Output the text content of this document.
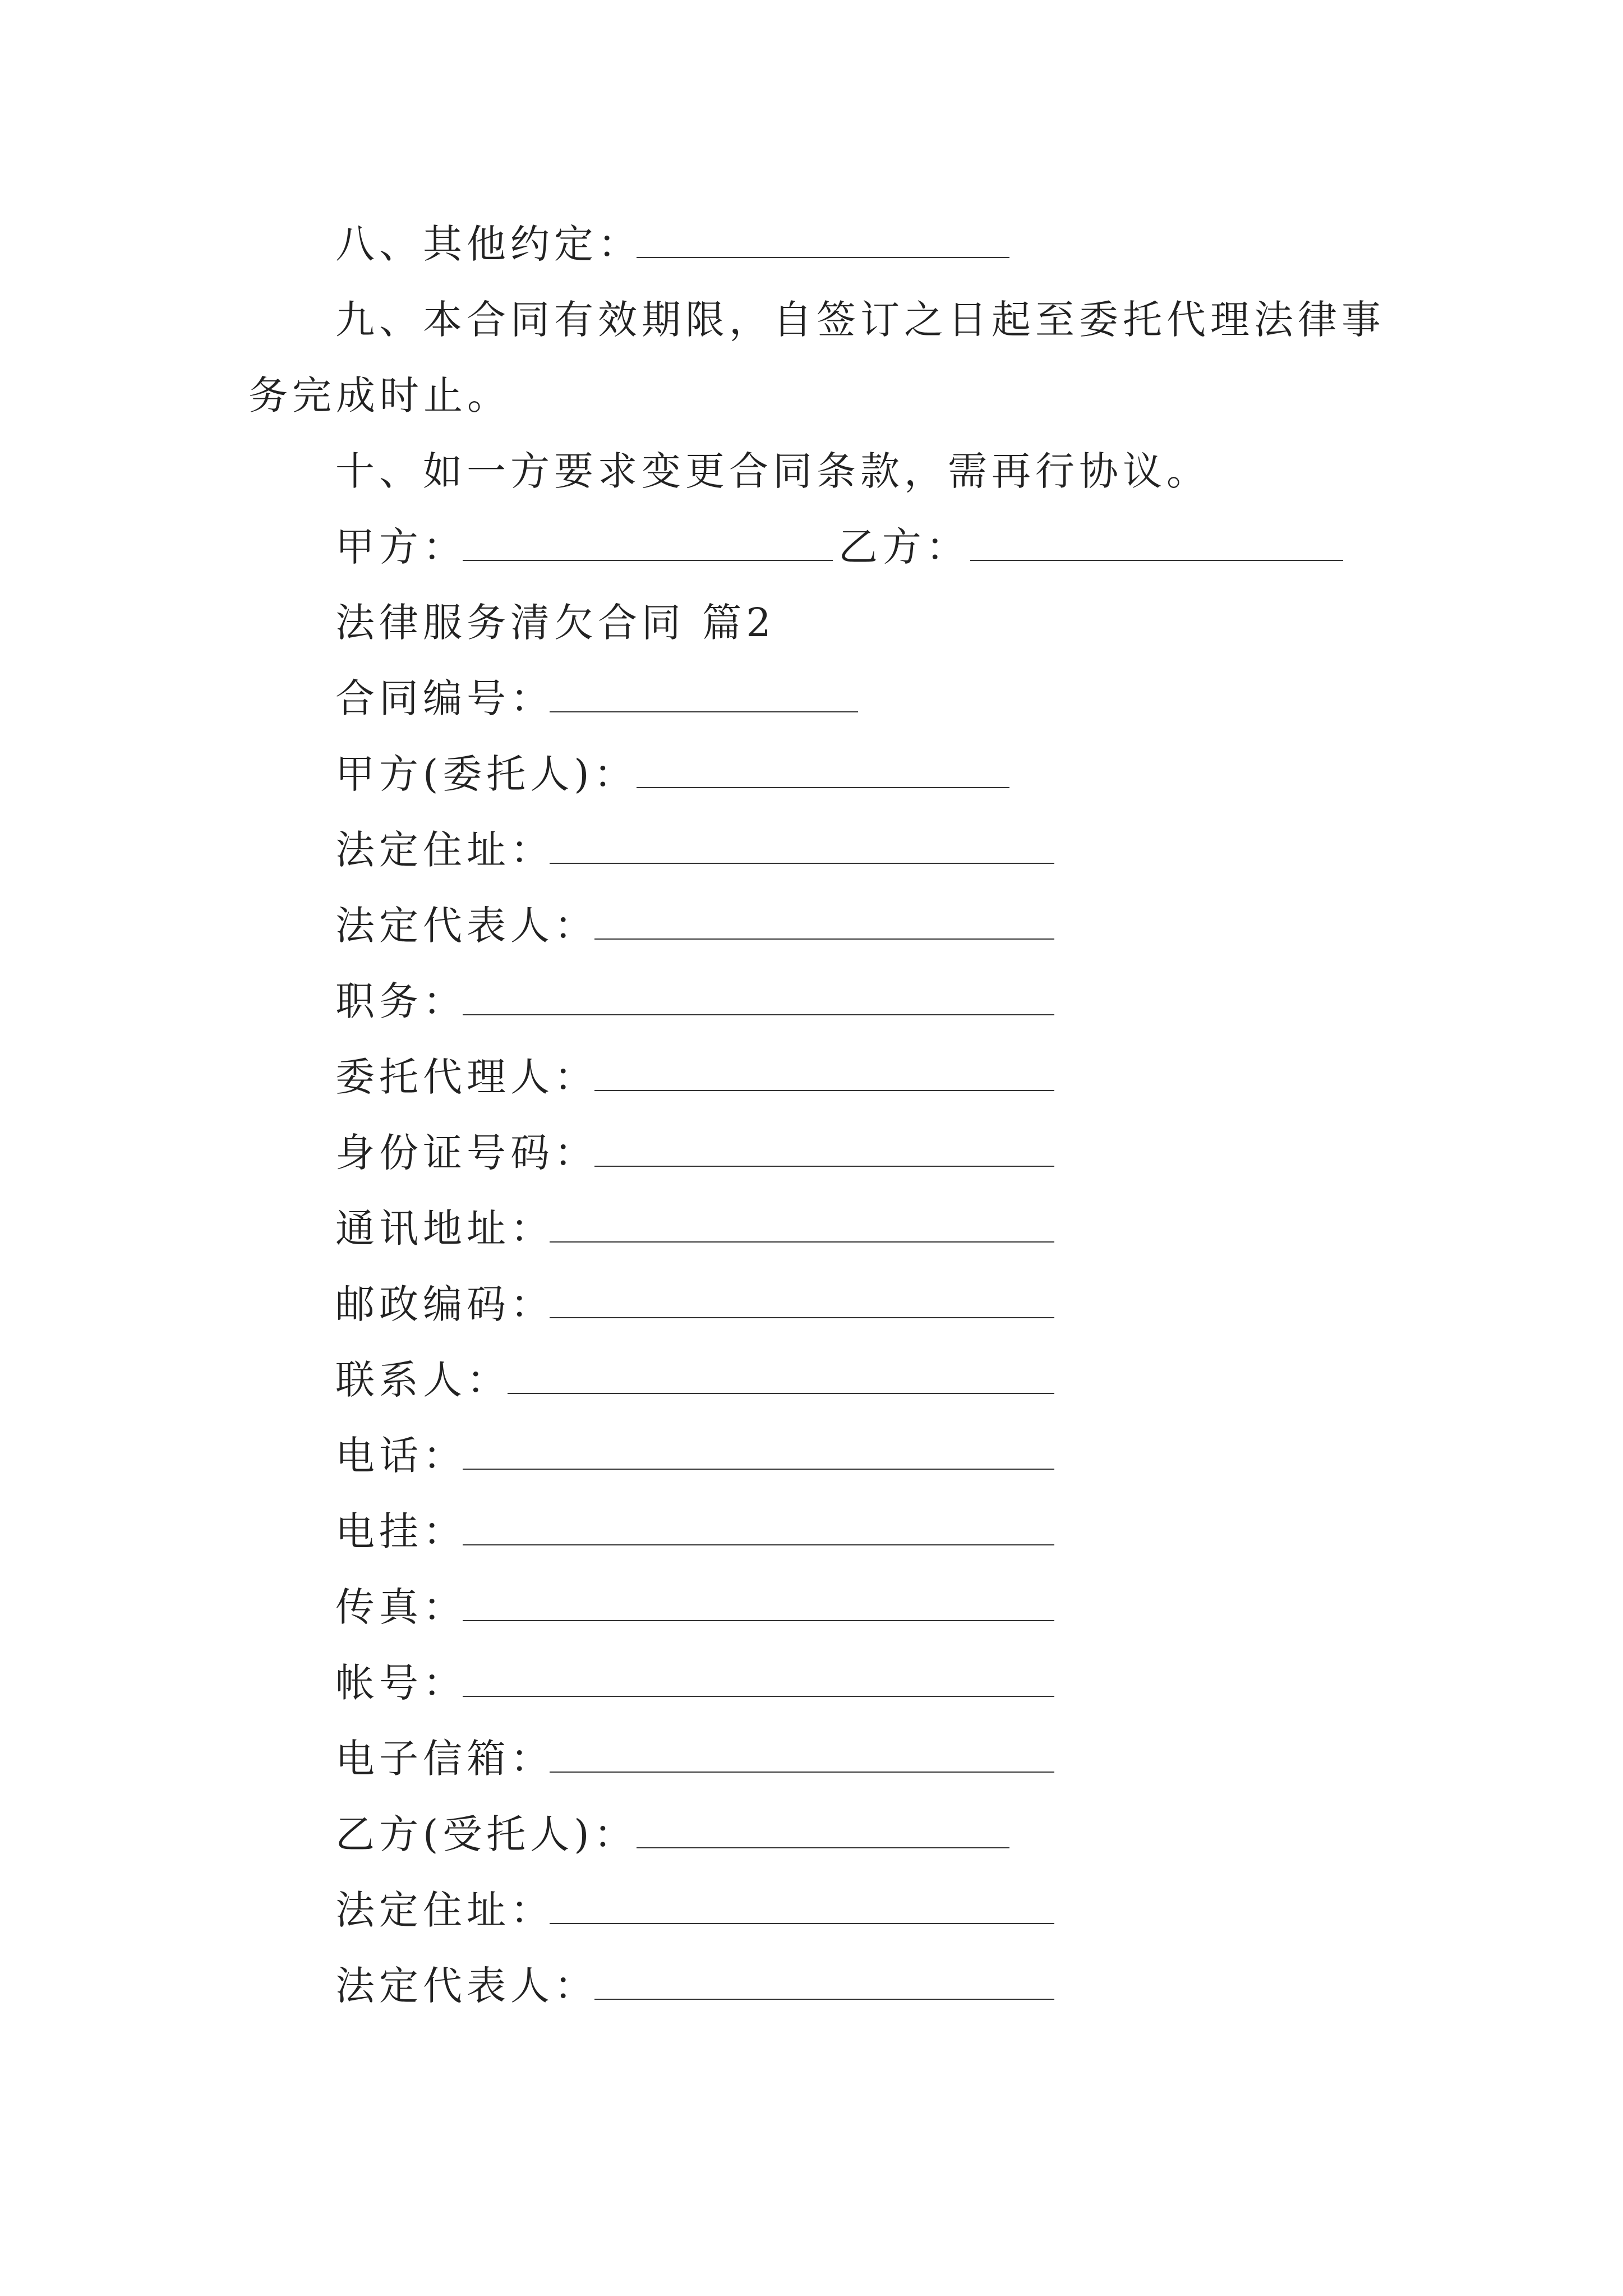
八、其他约定：
九、本合同有效期限，自签订之日起至委托代理法律事
务完成时止。
十、如一方要求变更合同条款，需再行协议。
甲方：	乙方：
法律服务清欠合同 篇2
合同编号：
甲方(委托人)：
法定住址：
法定代表人：
职务：
委托代理人：
身份证号码：
通讯地址：
邮政编码：
联系人：
电话：
电挂：
传真：
帐号：
电子信箱：
乙方(受托人)：
法定住址：
法定代表人：
